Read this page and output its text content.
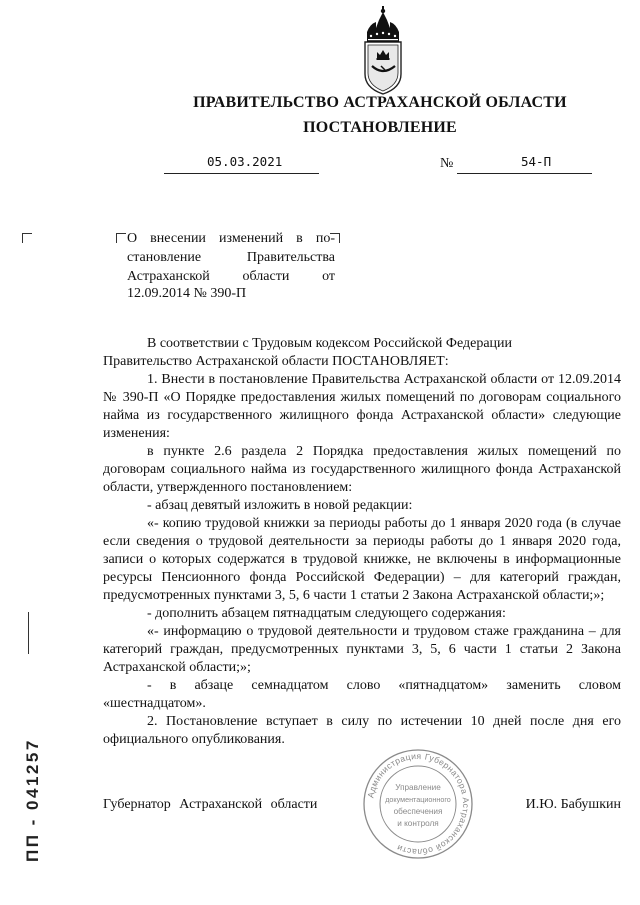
ПРАВИТЕЛЬСТВО АСТРАХАНСКОЙ ОБЛАСТИ
ПОСТАНОВЛЕНИЕ
05.03.2021	№	54-П
О внесении изменений в по-
становление Правительства
Астраханской области от
12.09.2014 № 390-П

В соответствии с Трудовым кодексом Российской Федерации

Правительство Астраханской области ПОСТАНОВЛЯЕТ:

1. Внести в постановление Правительства Астраханской области от 12.09.2014 № 390-П «О Порядке предоставления жилых помещений по договорам социального найма из государственного жилищного фонда Астраханской области» следующие изменения:

в пункте 2.6 раздела 2 Порядка предоставления жилых помещений по договорам социального найма из государственного жилищного фонда Астраханской области, утвержденного постановлением:

- абзац девятый изложить в новой редакции:

«- копию трудовой книжки за периоды работы до 1 января 2020 года (в случае если сведения о трудовой деятельности за периоды работы до 1 января 2020 года, записи о которых содержатся в трудовой книжке, не включены в информационные ресурсы Пенсионного фонда Российской Федерации) – для категорий граждан, предусмотренных пунктами 3, 5, 6 части 1 статьи 2 Закона Астраханской области;»;

- дополнить абзацем пятнадцатым следующего содержания:

«- информацию о трудовой деятельности и трудовом стаже гражданина – для категорий граждан, предусмотренных пунктами 3, 5, 6 части 1 статьи 2 Закона Астраханской области;»;

- в абзаце семнадцатом слово «пятнадцатом» заменить словом «шестнадцатом».

2. Постановление вступает в силу по истечении 10 дней после дня его официального опубликования.

Губернатор Астраханской области	И.Ю. Бабушкин
Администрация Губернатора Астраханской области
Управление
документационного
обеспечения
и контроля
ПП - 041257
